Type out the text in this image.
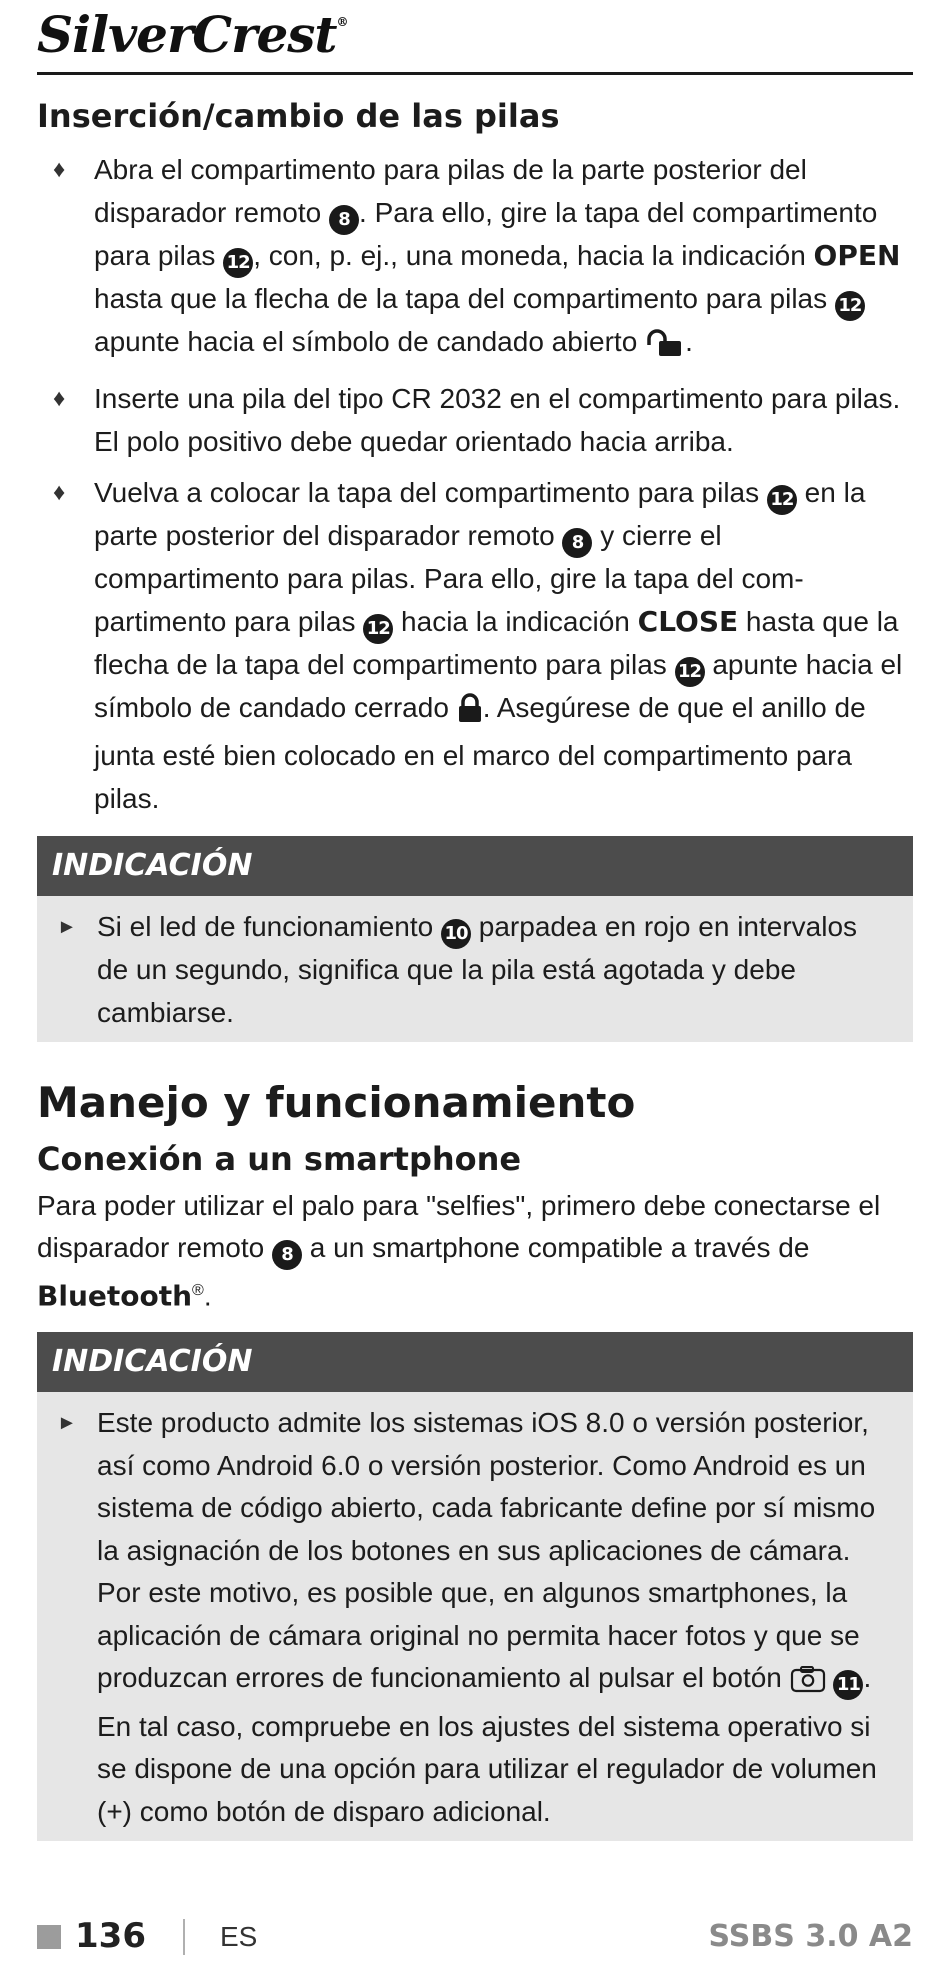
SilverCrest®
Inserción/cambio de las pilas
♦ Abra el compartimento para pilas de la parte posterior del disparador remoto 8 . Para ello, gire la tapa del compartimento para pilas 12 , con, p. ej., una moneda, hacia la indicación OPEN hasta que la flecha de la tapa del compartimento para pilas 12 apunte hacia el símbolo de candado abierto .
♦ Inserte una pila del tipo CR 2032 en el compartimento para pilas. El polo positivo debe quedar orientado hacia arriba.
♦ Vuelva a colocar la tapa del compartimento para pilas 12 en la parte posterior del disparador remoto 8 y cierre el compartimento para pilas. Para ello, gire la tapa del compartimento para pilas 12 hacia la indicación CLOSE hasta que la flecha de la tapa del compartimento para pilas 12 apunte hacia el símbolo de candado cerrado . Asegúrese de que el anillo de junta esté bien colocado en el marco del compartimento para pilas.
INDICACIÓN
► Si el led de funcionamiento 10 parpadea en rojo en intervalos de un segundo, significa que la pila está agotada y debe cambiarse.
Manejo y funcionamiento
Conexión a un smartphone

Para poder utilizar el palo para "selfies", primero debe conectarse el disparador remoto 8 a un smartphone compatible a través de Bluetooth®.

INDICACIÓN
► Este producto admite los sistemas iOS 8.0 o versión posterior, así como Android 6.0 o versión posterior. Como Android es un sistema de código abierto, cada fabricante define por sí mismo la asignación de los botones en sus aplicaciones de cámara. Por este motivo, es posible que, en algunos smartphones, la aplicación de cámara original no permita hacer fotos y que se produzcan errores de funcionamiento al pulsar el botón	11 . En tal caso, compruebe en los ajustes del sistema operativo si se dispone de una opción para utilizar el regulador de volumen (+) como botón de disparo adicional.
136	ES	SSBS 3.0 A2
